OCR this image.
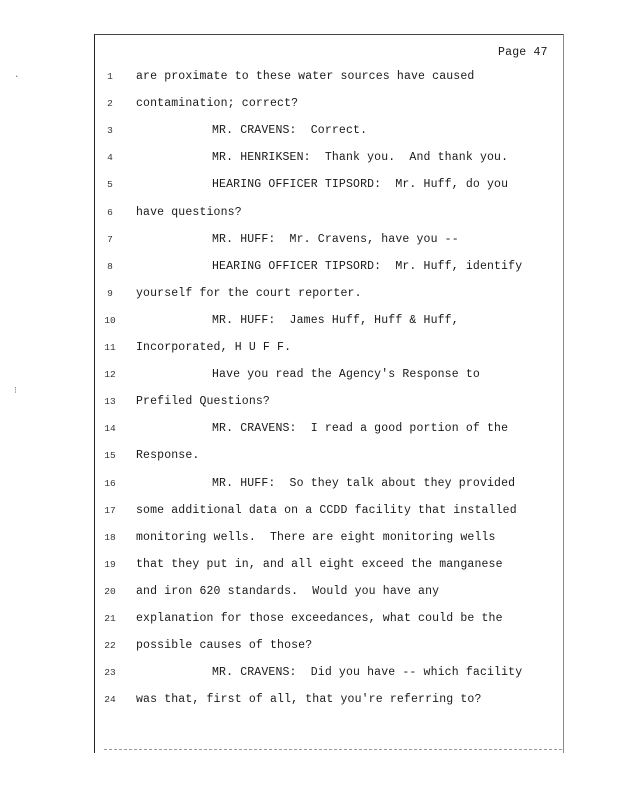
·
⁝
Page 47
1	are proximate to these water sources have caused
2	contamination; correct?
3	MR. CRAVENS:  Correct.
4	MR. HENRIKSEN:  Thank you.  And thank you.
5	HEARING OFFICER TIPSORD:  Mr. Huff, do you
6	have questions?
7	MR. HUFF:  Mr. Cravens, have you --
8	HEARING OFFICER TIPSORD:  Mr. Huff, identify
9	yourself for the court reporter.
10	MR. HUFF:  James Huff, Huff & Huff,
11	Incorporated, H U F F.
12	Have you read the Agency's Response to
13	Prefiled Questions?
14	MR. CRAVENS:  I read a good portion of the
15	Response.
16	MR. HUFF:  So they talk about they provided
17	some additional data on a CCDD facility that installed
18	monitoring wells.  There are eight monitoring wells
19	that they put in, and all eight exceed the manganese
20	and iron 620 standards.  Would you have any
21	explanation for those exceedances, what could be the
22	possible causes of those?
23	MR. CRAVENS:  Did you have -- which facility
24	was that, first of all, that you're referring to?
